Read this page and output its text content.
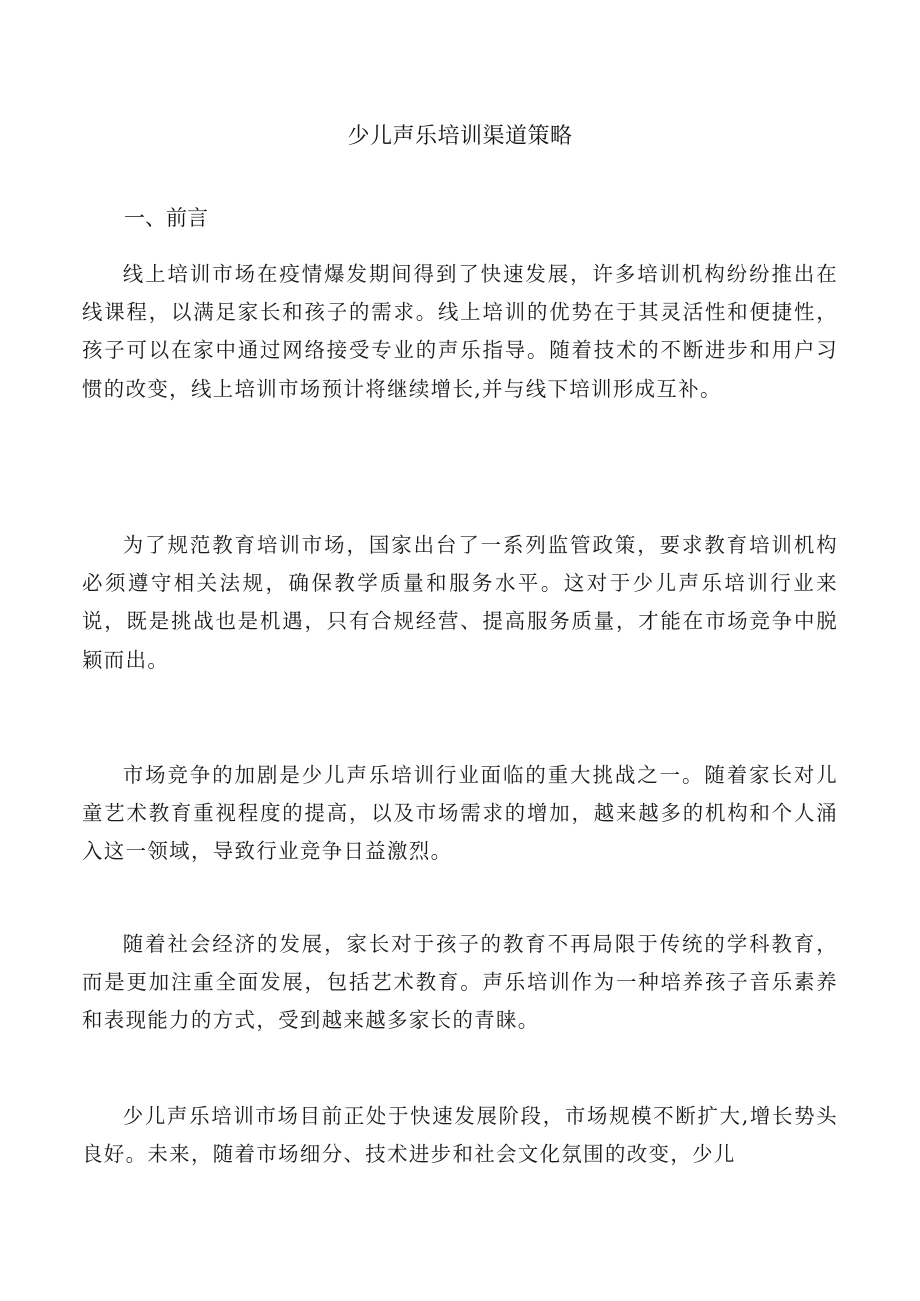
少儿声乐培训渠道策略
一、前言

线上培训市场在疫情爆发期间得到了快速发展，许多培训机构纷纷推出在线课程，以满足家长和孩子的需求。线上培训的优势在于其灵活性和便捷性，孩子可以在家中通过网络接受专业的声乐指导。随着技术的不断进步和用户习惯的改变，线上培训市场预计将继续增长,并与线下培训形成互补。

为了规范教育培训市场，国家出台了一系列监管政策，要求教育培训机构必须遵守相关法规，确保教学质量和服务水平。这对于少儿声乐培训行业来说，既是挑战也是机遇，只有合规经营、提高服务质量，才能在市场竞争中脱颖而出。

市场竞争的加剧是少儿声乐培训行业面临的重大挑战之一。随着家长对儿童艺术教育重视程度的提高，以及市场需求的增加，越来越多的机构和个人涌入这一领域，导致行业竞争日益激烈。

随着社会经济的发展，家长对于孩子的教育不再局限于传统的学科教育，而是更加注重全面发展，包括艺术教育。声乐培训作为一种培养孩子音乐素养和表现能力的方式，受到越来越多家长的青睐。

少儿声乐培训市场目前正处于快速发展阶段，市场规模不断扩大,增长势头良好。未来，随着市场细分、技术进步和社会文化氛围的改变，少儿
